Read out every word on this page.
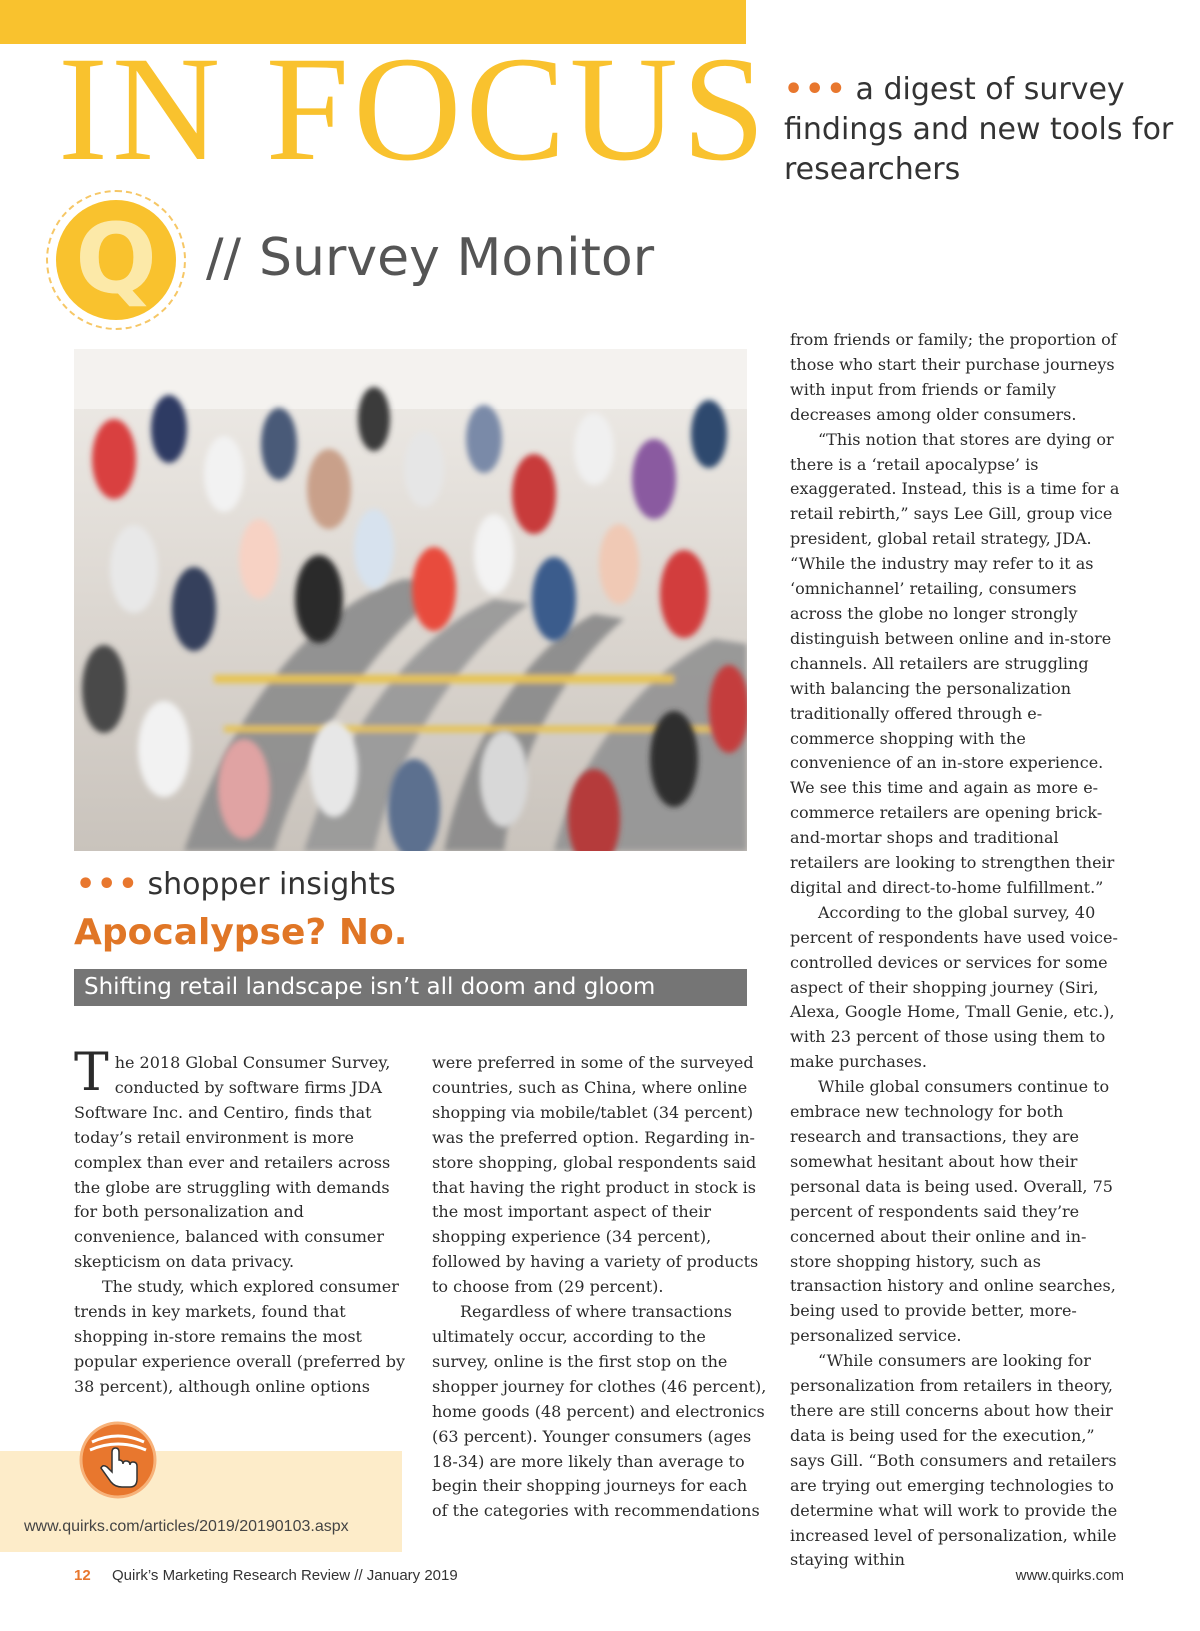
IN FOCUS ••• a digest of survey findings and new tools for researchers
Q // Survey Monitor
••• shopper insights
Apocalypse? No.
Shifting retail landscape isn’t all doom and gloom

The 2018 Global Consumer Survey, conducted by software firms JDA Software Inc. and Centiro, finds that today’s retail environment is more complex than ever and retailers across the globe are struggling with demands for both personalization and convenience, balanced with consumer skepticism on data privacy.

The study, which explored consumer trends in key markets, found that shopping in-store remains the most popular experience overall (preferred by 38 percent), although online options

were preferred in some of the surveyed countries, such as China, where online shopping via mobile/tablet (34 percent) was the preferred option. Regarding in-store shopping, global respondents said that having the right product in stock is the most important aspect of their shopping experience (34 percent), followed by having a variety of products to choose from (29 percent).

Regardless of where transactions ultimately occur, according to the survey, online is the first stop on the shopper journey for clothes (46 percent), home goods (48 percent) and electronics (63 percent). Younger consumers (ages 18-34) are more likely than average to begin their shopping journeys for each of the categories with recommendations

from friends or family; the proportion of those who start their purchase journeys with input from friends or family decreases among older consumers.

“This notion that stores are dying or there is a ‘retail apocalypse’ is exaggerated. Instead, this is a time for a retail rebirth,” says Lee Gill, group vice president, global retail strategy, JDA. “While the industry may refer to it as ‘omnichannel’ retailing, consumers across the globe no longer strongly distinguish between online and in-store channels. All retailers are struggling with balancing the personalization traditionally offered through e-commerce shopping with the convenience of an in-store experience. We see this time and again as more e-commerce retailers are opening brick-and-mortar shops and traditional retailers are looking to strengthen their digital and direct-to-home fulfillment.”

According to the global survey, 40 percent of respondents have used voice-controlled devices or services for some aspect of their shopping journey (Siri, Alexa, Google Home, Tmall Genie, etc.), with 23 percent of those using them to make purchases.

While global consumers continue to embrace new technology for both research and transactions, they are somewhat hesitant about how their personal data is being used. Overall, 75 percent of respondents said they’re concerned about their online and in-store shopping history, such as transaction history and online searches, being used to provide better, more-personalized service.

“While consumers are looking for personalization from retailers in theory, there are still concerns about how their data is being used for the execution,” says Gill. “Both consumers and retailers are trying out emerging technologies to determine what will work to provide the increased level of personalization, while staying within

www.quirks.com/articles/2019/20190103.aspx
12 Quirk’s Marketing Research Review // January 2019	www.quirks.com
